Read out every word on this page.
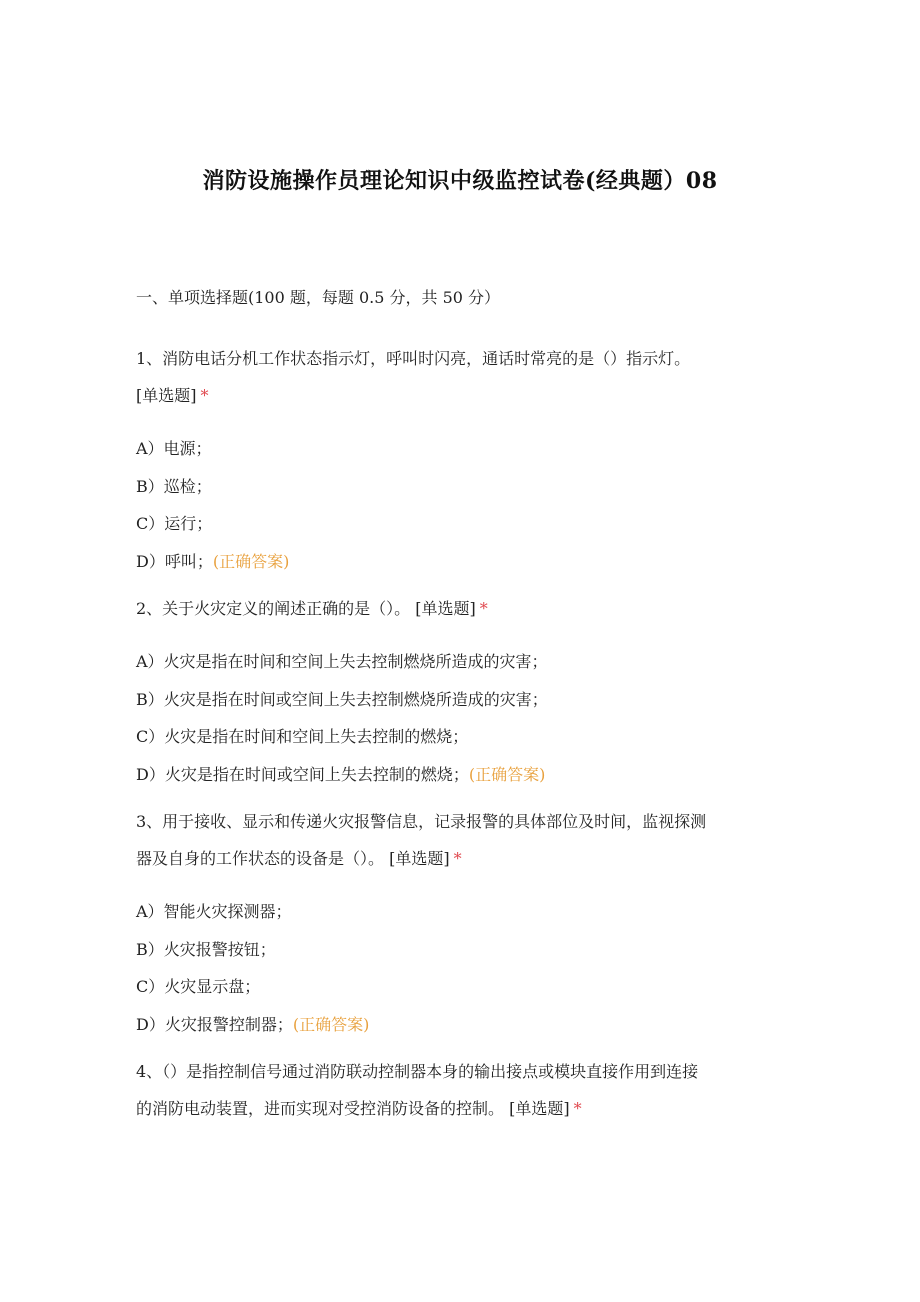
消防设施操作员理论知识中级监控试卷(经典题）08
一、单项选择题(100 题，每题 0.5 分，共 50 分）
1、消防电话分机工作状态指示灯，呼叫时闪亮，通话时常亮的是（）指示灯。
[单选题] *
A）电源；
B）巡检；
C）运行；
D）呼叫；(正确答案)
2、关于火灾定义的阐述正确的是（）。 [单选题] *
A）火灾是指在时间和空间上失去控制燃烧所造成的灾害；
B）火灾是指在时间或空间上失去控制燃烧所造成的灾害；
C）火灾是指在时间和空间上失去控制的燃烧；
D）火灾是指在时间或空间上失去控制的燃烧；(正确答案)
3、用于接收、显示和传递火灾报警信息，记录报警的具体部位及时间，监视探测
器及自身的工作状态的设备是（）。 [单选题] *
A）智能火灾探测器；
B）火灾报警按钮；
C）火灾显示盘；
D）火灾报警控制器；(正确答案)
4、（）是指控制信号通过消防联动控制器本身的输出接点或模块直接作用到连接
的消防电动装置，进而实现对受控消防设备的控制。 [单选题] *
